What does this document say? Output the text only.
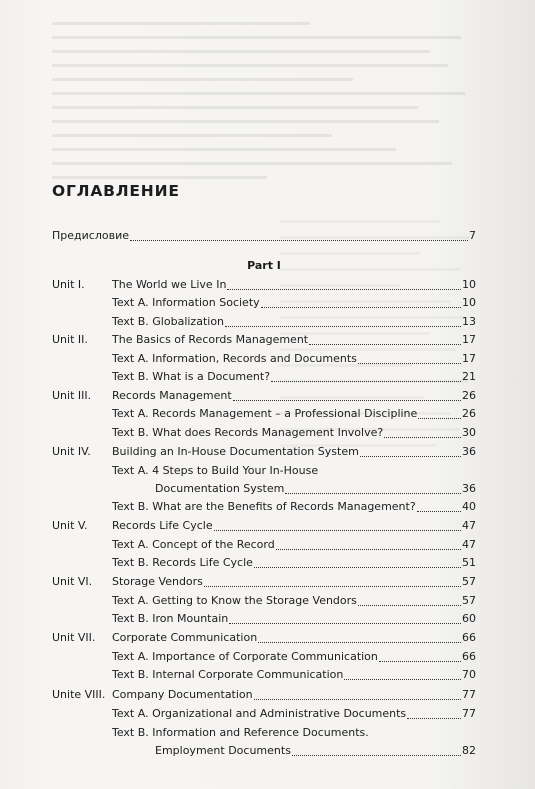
ОГЛАВЛЕНИЕ
Предисловие	7
Part I
Unit I. The World we Live In	10
Text A. Information Society	10
Text B. Globalization	13
Unit II. The Basics of Records Management	17
Text A. Information, Records and Documents	17
Text B. What is a Document?	21
Unit III. Records Management	26
Text A. Records Management – a Professional Discipline	26
Text B. What does Records Management Involve?	30
Unit IV. Building an In-House Documentation System	36
Text A. 4 Steps to Build Your In-House
Documentation System	36
Text B. What are the Benefits of Records Management?	40
Unit V. Records Life Cycle	47
Text A. Concept of the Record	47
Text B. Records Life Cycle	51
Unit VI. Storage Vendors	57
Text A. Getting to Know the Storage Vendors	57
Text B. Iron Mountain	60
Unit VII. Corporate Communication	66
Text A. Importance of Corporate Communication	66
Text B. Internal Corporate Communication	70
Unite VIII. Company Documentation	77
Text A. Organizational and Administrative Documents	77
Text B. Information and Reference Documents.
Employment Documents	82
